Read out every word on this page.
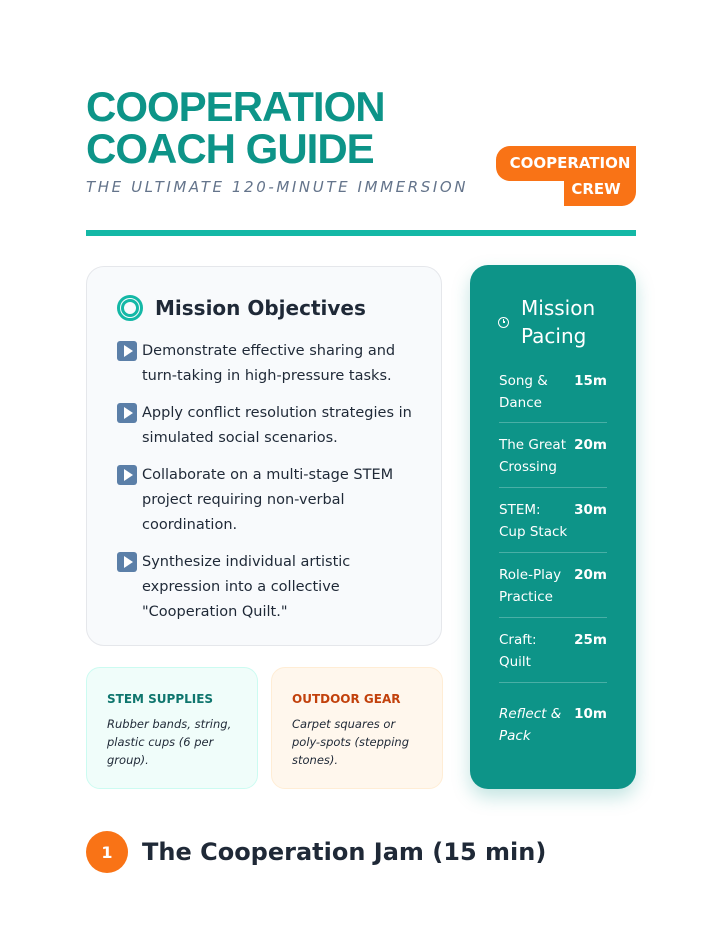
COOPERATION
COACH GUIDE
THE ULTIMATE 120-MINUTE IMMERSION
COOPERATION
CREW
Mission Objectives
Demonstrate effective sharing and turn-taking in high-pressure tasks.
Apply conflict resolution strategies in simulated social scenarios.
Collaborate on a multi-stage STEM project requiring non-verbal coordination.
Synthesize individual artistic expression into a collective "Cooperation Quilt."
STEM SUPPLIES
Rubber bands, string, plastic cups (6 per group).
OUTDOOR GEAR
Carpet squares or poly-spots (stepping stones).
Mission
Pacing
Song & Dance
15m
The Great Crossing
20m
STEM: Cup Stack
30m
Role-Play Practice
20m
Craft: Quilt
25m
Reflect & Pack
10m
1	The Cooperation Jam (15 min)
